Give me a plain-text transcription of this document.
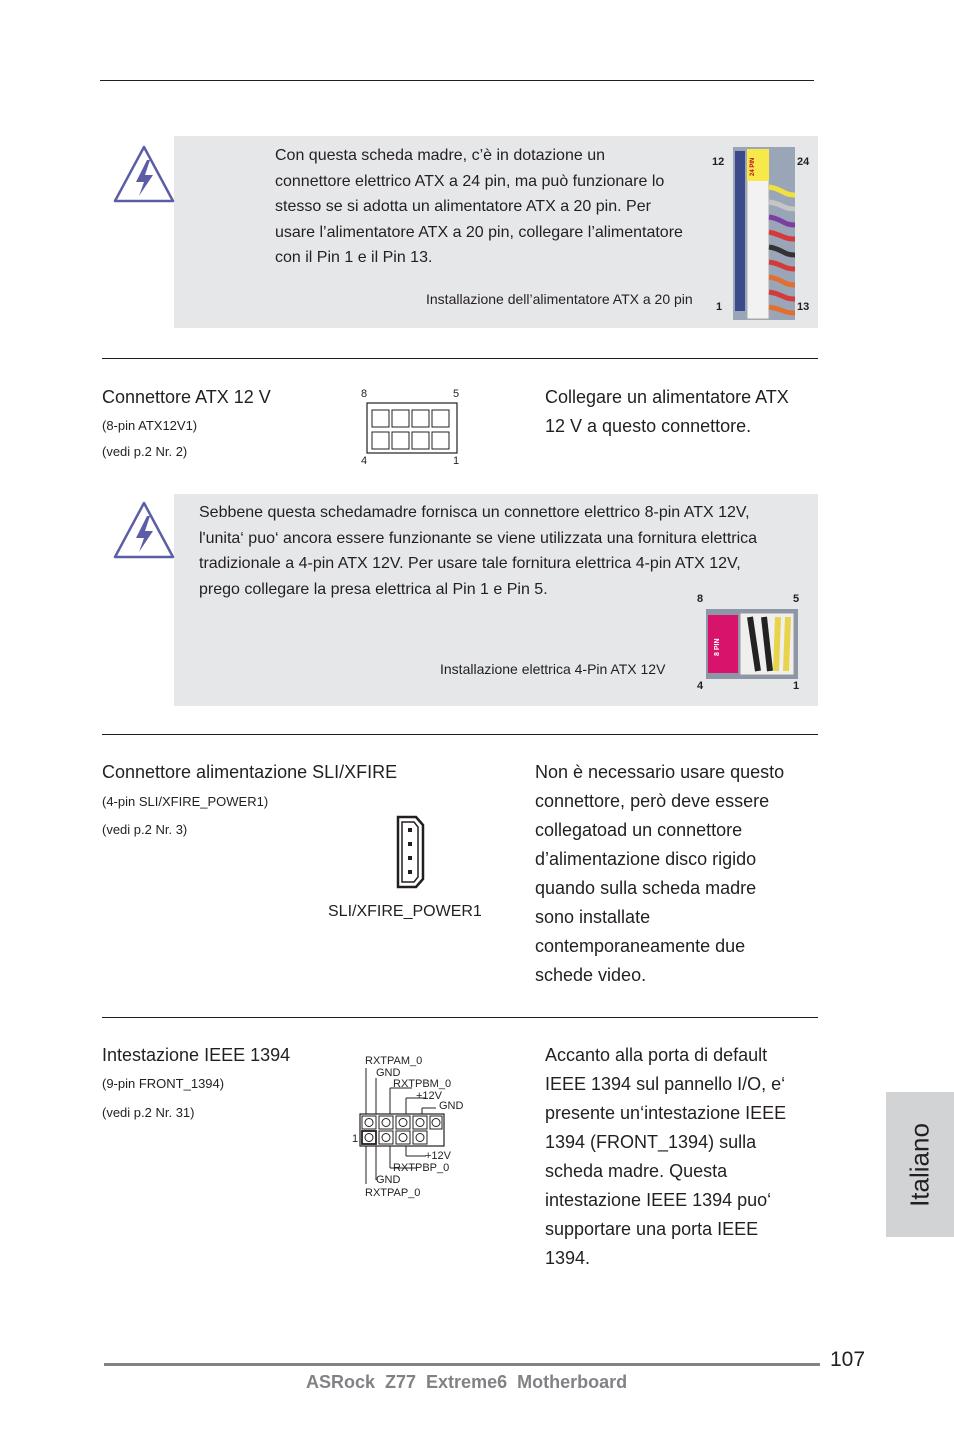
Con questa scheda madre, c’è in dotazione un
connettore elettrico ATX a 24 pin, ma può funzionare lo
stesso se si adotta un alimentatore ATX a 20 pin. Per
usare l’alimentatore ATX a 20 pin, collegare l’alimentatore
con il Pin 1 e il Pin 13.
Installazione dell’alimentatore ATX a 20 pin
12	24
1	13
24 PIN
Connettore ATX 12 V
(8-pin ATX12V1)
(vedi p.2 Nr. 2)
8	5
4	1
Collegare un alimentatore ATX
12 V a questo connettore.
Sebbene questa schedamadre fornisca un connettore elettrico 8-pin ATX 12V,
l'unita‘ puo‘ ancora essere funzionante se viene utilizzata una fornitura elettrica
tradizionale a 4-pin ATX 12V. Per usare tale fornitura elettrica 4-pin ATX 12V,
prego collegare la presa elettrica al Pin 1 e Pin 5.
Installazione elettrica 4-Pin ATX 12V
8	5
4	1
8 PIN
Connettore alimentazione SLI/XFIRE
(4-pin SLI/XFIRE_POWER1)
(vedi p.2 Nr. 3)
SLI/XFIRE_POWER1
Non è necessario usare questo
connettore, però deve essere
collegatoad un connettore
d’alimentazione disco rigido
quando sulla scheda madre
sono installate
contemporaneamente due
schede video.
Intestazione IEEE 1394
(9-pin FRONT_1394)
(vedi p.2 Nr. 31)
RXTPAM_0
GND
RXTPBM_0
+12V
GND
1
+12V
RXTPBP_0
GND
RXTPAP_0
Accanto alla porta di default
IEEE 1394 sul pannello I/O, e‘
presente un‘intestazione IEEE
1394 (FRONT_1394) sulla
scheda madre. Questa
intestazione IEEE 1394 puo‘
supportare una porta IEEE
1394.
Italiano
107
ASRock  Z77  Extreme6  Motherboard
